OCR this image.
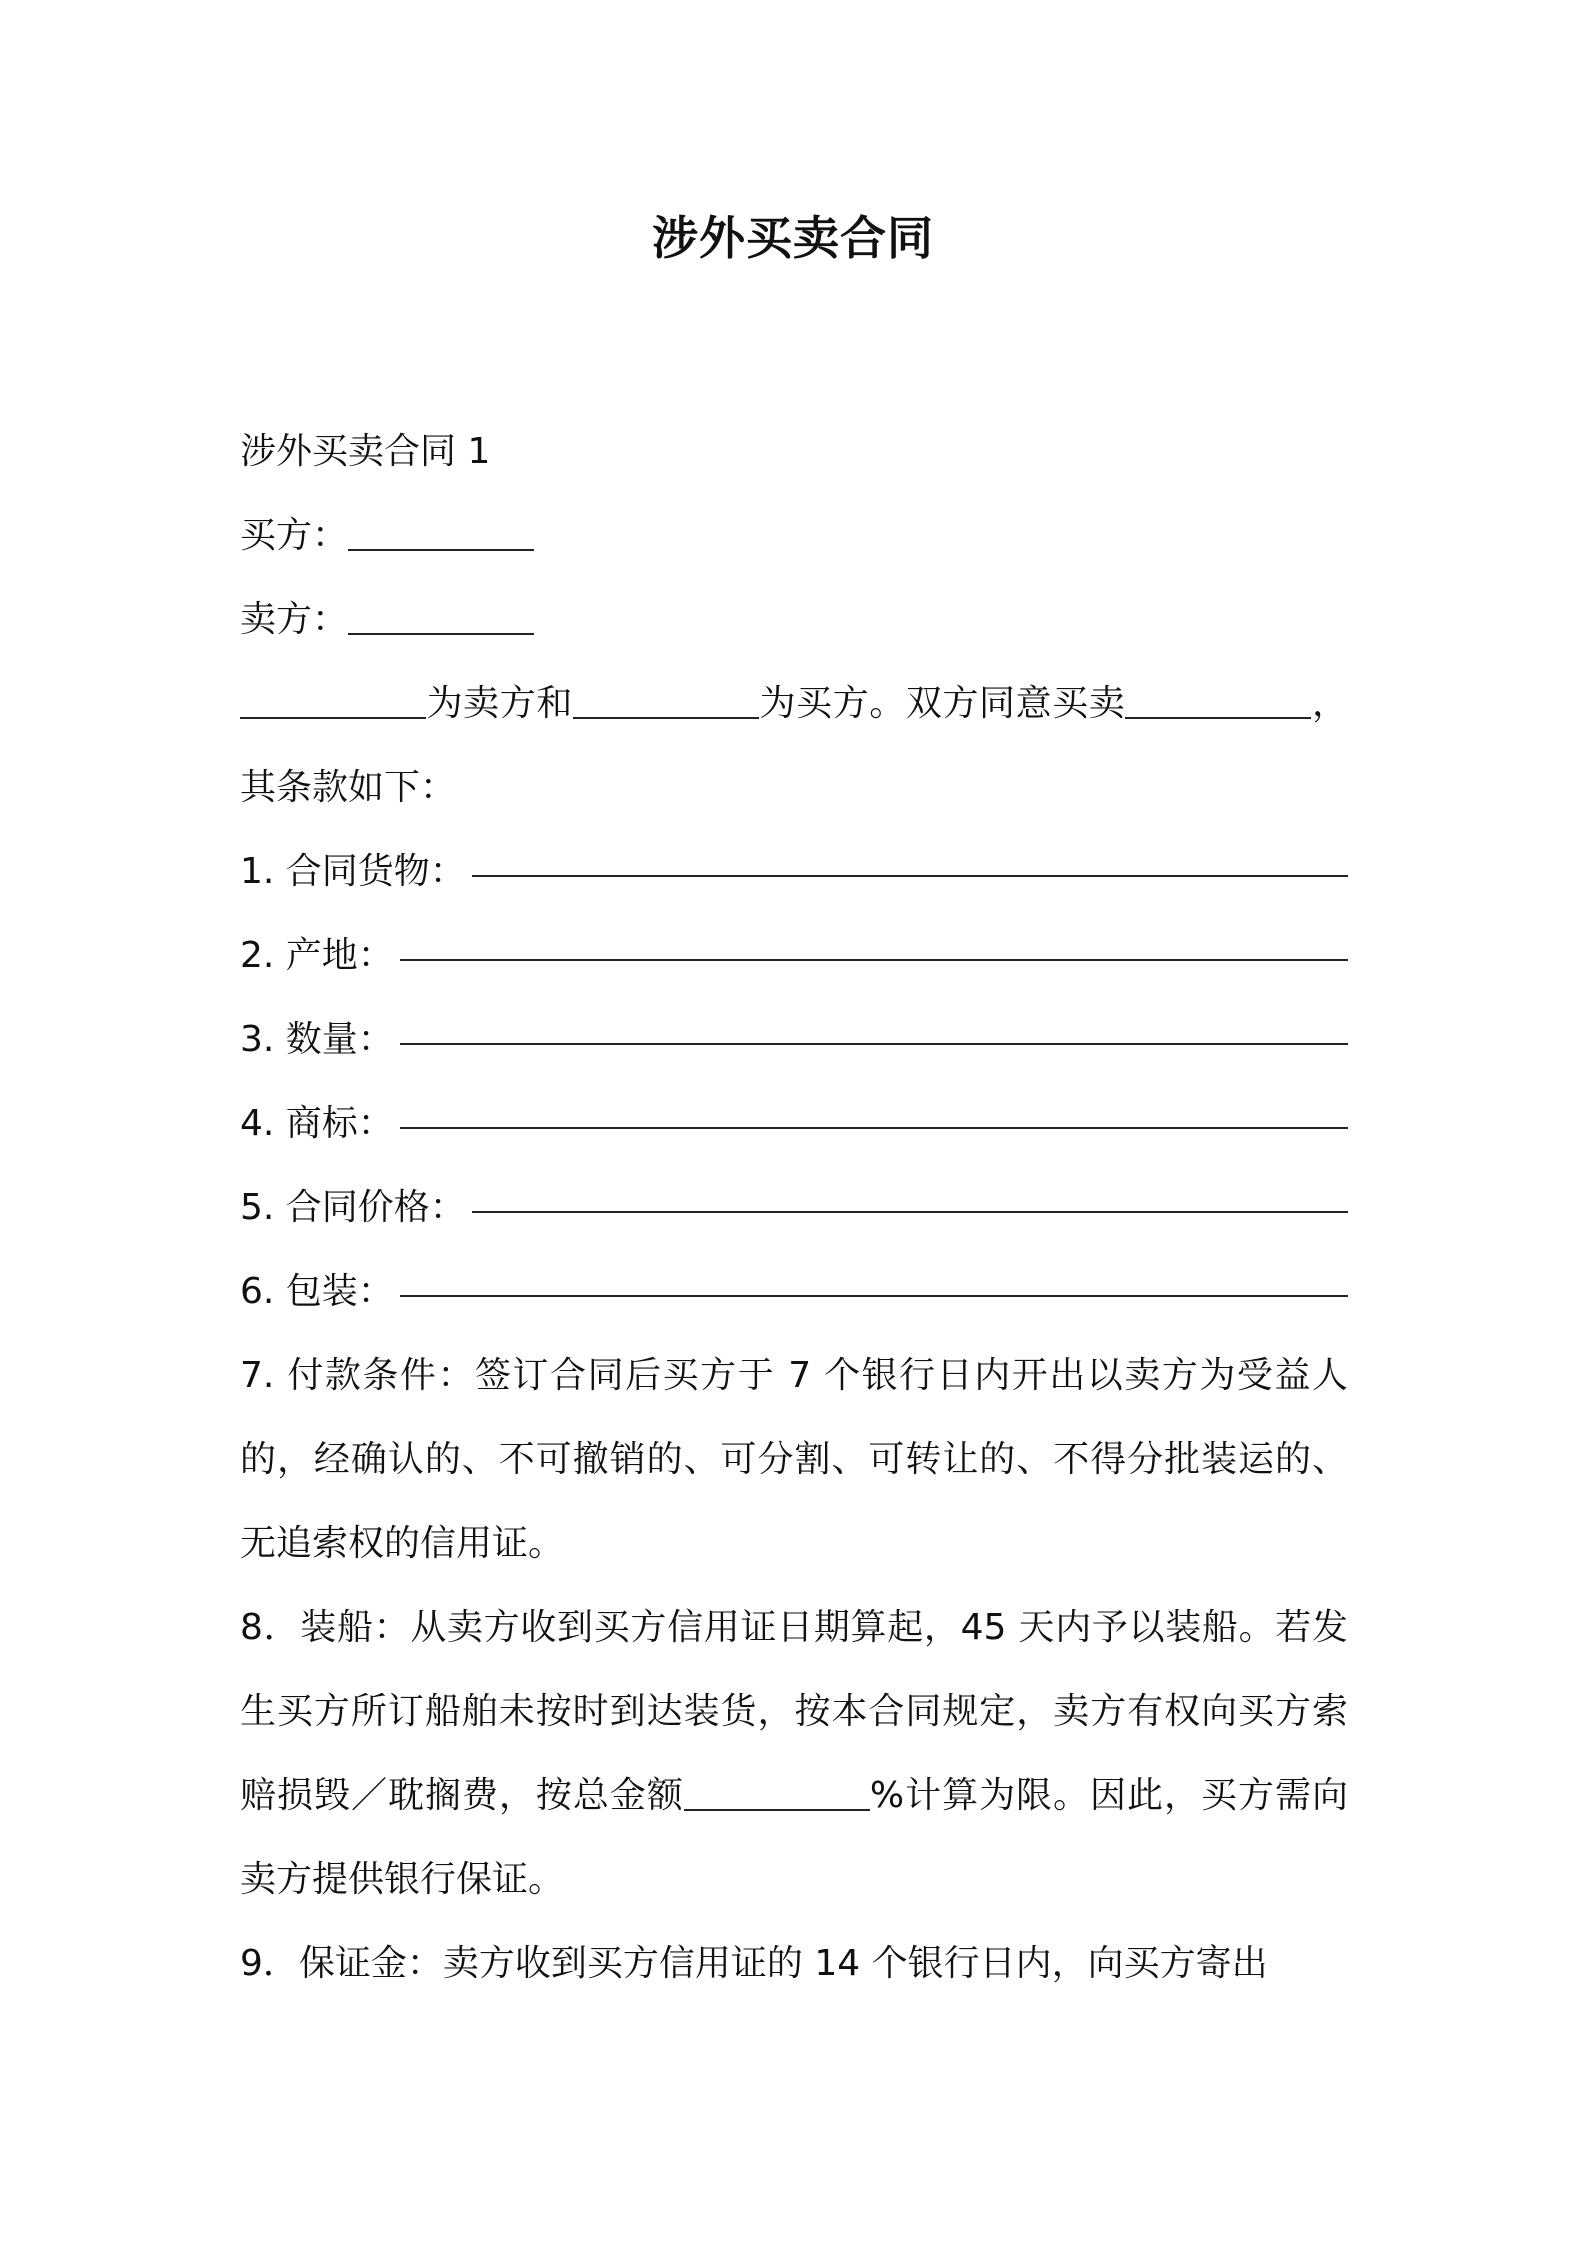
涉外买卖合同
涉外买卖合同 1
买方：
卖方：
为卖方和	为买方。双方同意买卖	，
其条款如下：
1. 合同货物：
2. 产地：
3. 数量：
4. 商标：
5. 合同价格：
6. 包装：
7. 付款条件：签订合同后买方于 7 个银行日内开出以卖方为受益人
的，经确认的、不可撤销的、可分割、可转让的、不得分批装运的、
无追索权的信用证。
8．装船：从卖方收到买方信用证日期算起，45 天内予以装船。若发
生买方所订船舶未按时到达装货，按本合同规定，卖方有权向买方索
赔损毁／耽搁费，按总金额	%计算为限。因此，买方需向
卖方提供银行保证。
9．保证金：卖方收到买方信用证的 14 个银行日内，向买方寄出
